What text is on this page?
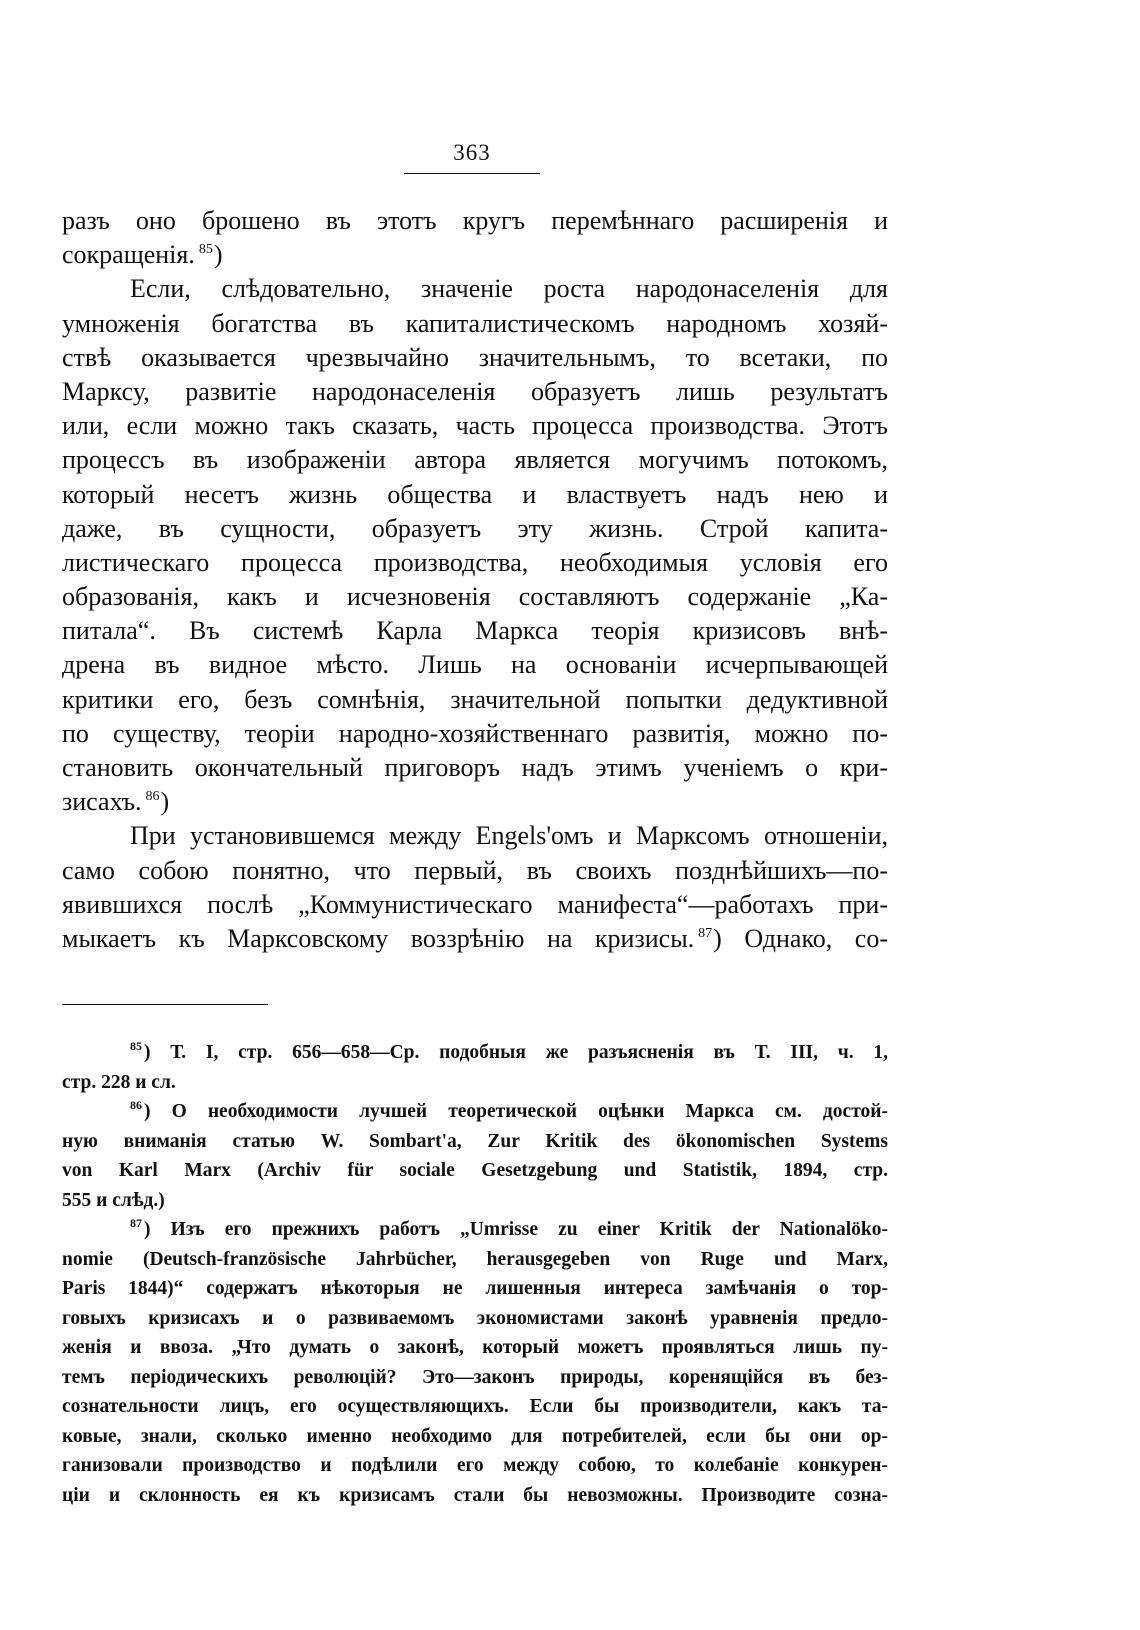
363
разъ оно брошено въ этотъ кругъ перемѣннаго расширенія и
сокращенія. $^{85}$)
Если, слѣдовательно, значеніе роста народонаселенія для
умноженія богатства въ капиталистическомъ народномъ хозяй-
ствѣ оказывается чрезвычайно значительнымъ, то всетаки, по
Марксу, развитіе народонаселенія образуетъ лишь результатъ
или, если можно такъ сказать, часть процесса производства. Этотъ
процессъ въ изображеніи автора является могучимъ потокомъ,
который несетъ жизнь общества и властвуетъ надъ нею и
даже, въ сущности, образуетъ эту жизнь. Строй капита-
листическаго процесса производства, необходимыя условія его
образованія, какъ и исчезновенія составляютъ содержаніе „Ка-
питала“. Въ системѣ Карла Маркса теорія кризисовъ внѣ-
дрена въ видное мѣсто. Лишь на основаніи исчерпывающей
критики его, безъ сомнѣнія, значительной попытки дедуктивной
по существу, теоріи народно-хозяйственнаго развитія, можно по-
становить окончательный приговоръ надъ этимъ ученіемъ о кри-
зисахъ. $^{86}$)
При установившемся между Engels'омъ и Марксомъ отношеніи,
само собою понятно, что первый, въ своихъ позднѣйшихъ—по-
явившихся послѣ „Коммунистическаго манифеста“—работахъ при-
мыкаетъ къ Марксовскому воззрѣнію на кризисы. $^{87}$) Однако, со-
$^{85}$ ) Т. I, стр. 656—658—Ср. подобныя же разъясненія въ Т. III, ч. 1,
стр. 228 и сл.
$^{86}$ ) О необходимости лучшей теоретической оцѣнки Маркса см. достой-
ную вниманія статью W. Sombart'a, Zur Kritik des ökonomischen Systems
von Karl Marx (Archiv für sociale Gesetzgebung und Statistik, 1894, стр.
555 и слѣд.)
$^{87}$ ) Изъ его прежнихъ работъ „Umrisse zu einer Kritik der Nationalöko-
nomie (Deutsch-französische Jahrbücher, herausgegeben von Ruge und Marx,
Paris 1844)“ содержатъ нѣкоторыя не лишенныя интереса замѣчанія о тор-
говыхъ кризисахъ и о развиваемомъ экономистами законѣ уравненія предло-
женія и ввоза. „Что думать о законѣ, который можетъ проявляться лишь пу-
темъ періодическихъ революцій? Это—законъ природы, коренящійся въ без-
сознательности лицъ, его осуществляющихъ. Если бы производители, какъ та-
ковые, знали, сколько именно необходимо для потребителей, если бы они ор-
ганизовали производство и подѣлили его между собою, то колебаніе конкурен-
ціи и склонность ея къ кризисамъ стали бы невозможны. Производите созна-
